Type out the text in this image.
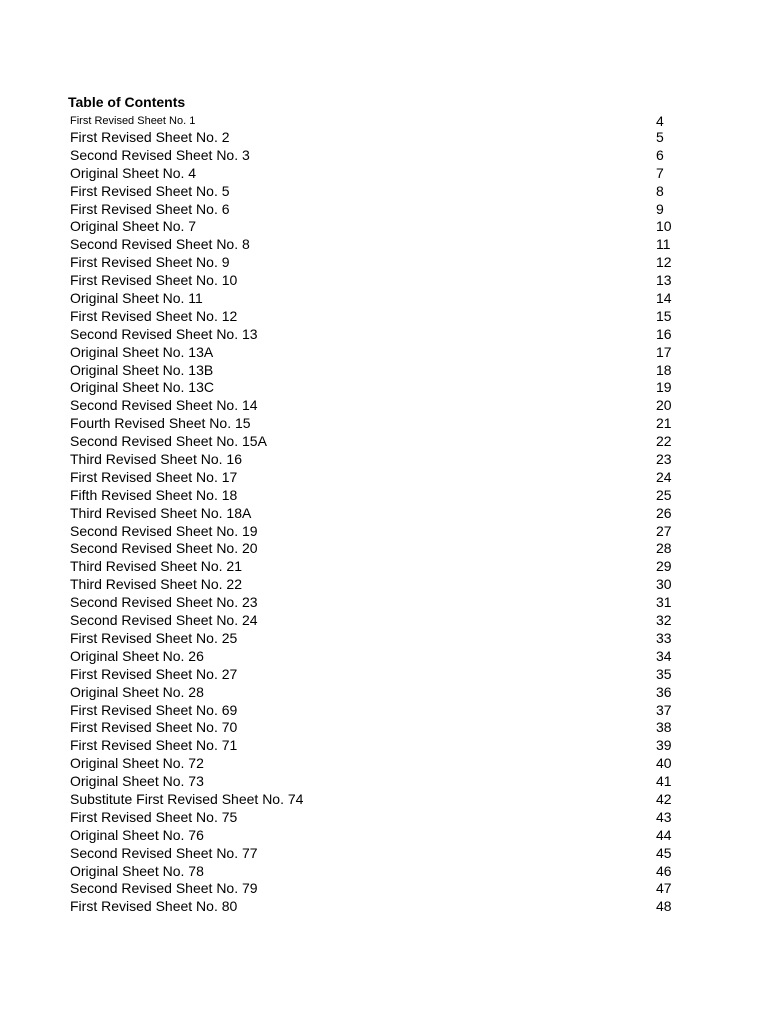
Table of Contents
First Revised Sheet No. 1	4
First Revised Sheet No. 2	5
Second Revised Sheet No. 3	6
Original Sheet No. 4	7
First Revised Sheet No. 5	8
First Revised Sheet No. 6	9
Original Sheet No. 7	10
Second Revised Sheet No. 8	11
First Revised Sheet No. 9	12
First Revised Sheet No. 10	13
Original Sheet No. 11	14
First Revised Sheet No. 12	15
Second Revised Sheet No. 13	16
Original Sheet No. 13A	17
Original Sheet No. 13B	18
Original Sheet No. 13C	19
Second Revised Sheet No. 14	20
Fourth Revised Sheet No. 15	21
Second Revised Sheet No. 15A	22
Third Revised Sheet No. 16	23
First Revised Sheet No. 17	24
Fifth Revised Sheet No. 18	25
Third Revised Sheet No. 18A	26
Second Revised Sheet No. 19	27
Second Revised Sheet No. 20	28
Third Revised Sheet No. 21	29
Third Revised Sheet No. 22	30
Second Revised Sheet No. 23	31
Second Revised Sheet No. 24	32
First Revised Sheet No. 25	33
Original Sheet No. 26	34
First Revised Sheet No. 27	35
Original Sheet No. 28	36
First Revised Sheet No. 69	37
First Revised Sheet No. 70	38
First Revised Sheet No. 71	39
Original Sheet No. 72	40
Original Sheet No. 73	41
Substitute First Revised Sheet No. 74	42
First Revised Sheet No. 75	43
Original Sheet No. 76	44
Second Revised Sheet No. 77	45
Original Sheet No. 78	46
Second Revised Sheet No. 79	47
First Revised Sheet No. 80	48
